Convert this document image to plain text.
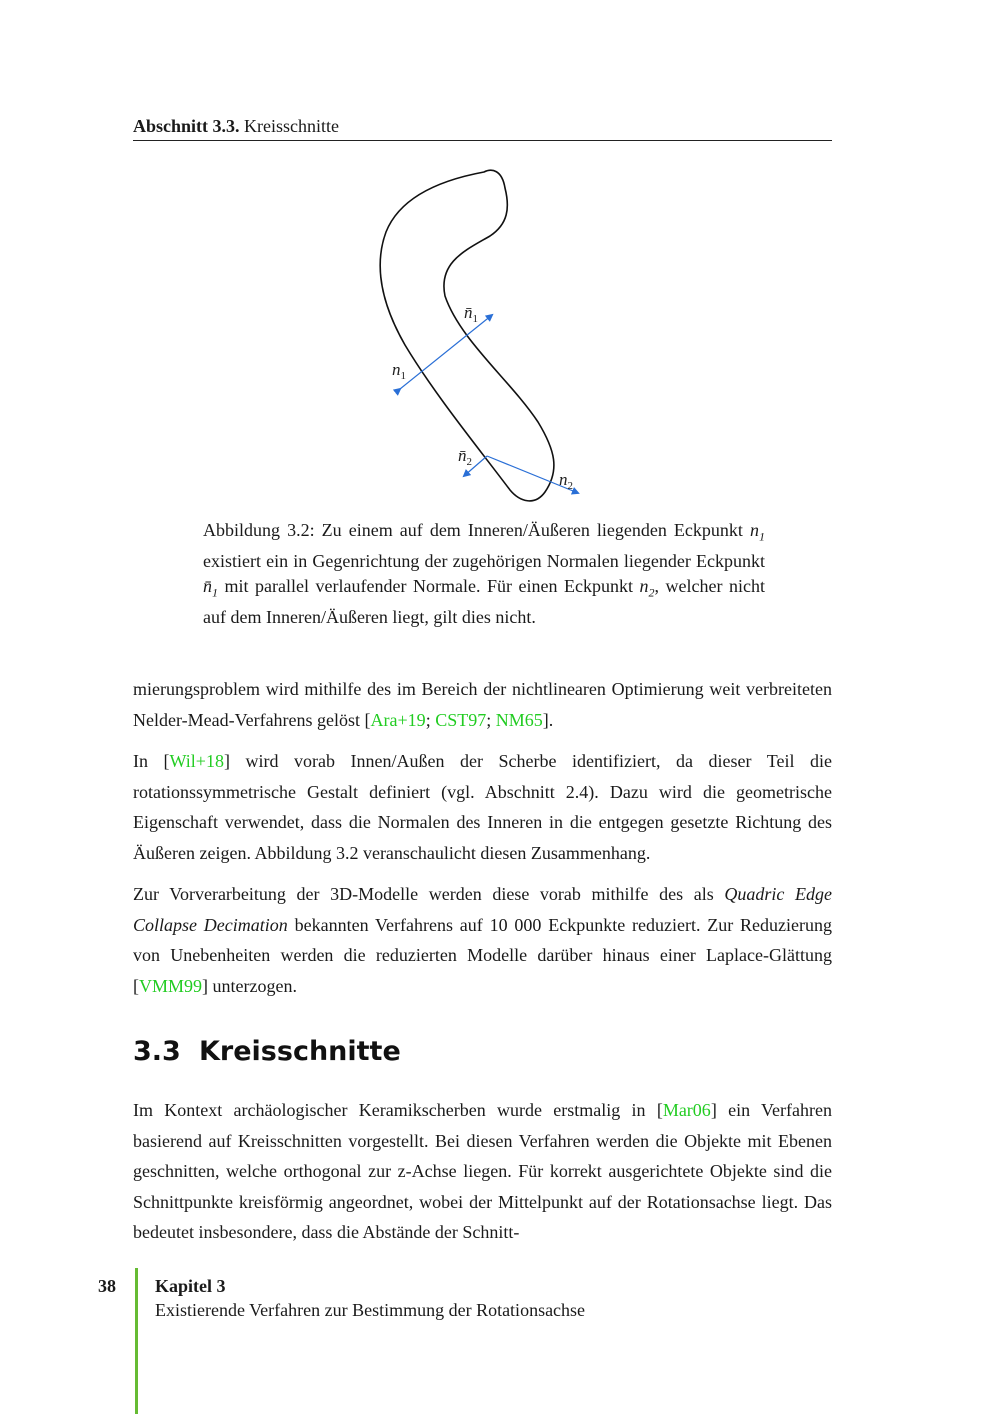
Abschnitt 3.3. Kreisschnitte
$n̄_1$
$n_1$
$n̄_2$
$n_2$
Abbildung 3.2: Zu einem auf dem Inneren/Äußeren liegenden Eckpunkt $n_1$ existiert ein in Gegenrichtung der zugehörigen Normalen liegender Eckpunkt $n̄_1$ mit parallel verlaufender Normale. Für einen Eckpunkt $n_2$, welcher nicht auf dem Inneren/Äußeren liegt, gilt dies nicht.

mierungsproblem wird mithilfe des im Bereich der nichtlinearen Optimierung weit verbreiteten Nelder-Mead-Verfahrens gelöst [Ara+19; CST97; NM65].

In [Wil+18] wird vorab Innen/Außen der Scherbe identifiziert, da dieser Teil die rotationssymmetrische Gestalt definiert (vgl. Abschnitt 2.4). Dazu wird die geometrische Eigenschaft verwendet, dass die Normalen des Inneren in die entgegen gesetzte Richtung des Äußeren zeigen. Abbildung 3.2 veranschaulicht diesen Zusammenhang.

Zur Vorverarbeitung der 3D-Modelle werden diese vorab mithilfe des als Quadric Edge Collapse Decimation bekannten Verfahrens auf 10 000 Eckpunkte reduziert. Zur Reduzierung von Unebenheiten werden die reduzierten Modelle darüber hinaus einer Laplace-Glättung [VMM99] unterzogen.

3.3 Kreisschnitte

Im Kontext archäologischer Keramikscherben wurde erstmalig in [Mar06] ein Verfahren basierend auf Kreisschnitten vorgestellt. Bei diesen Verfahren werden die Objekte mit Ebenen geschnitten, welche orthogonal zur z-Achse liegen. Für korrekt ausgerichtete Objekte sind die Schnittpunkte kreisförmig angeordnet, wobei der Mittelpunkt auf der Rotationsachse liegt. Das bedeutet insbesondere, dass die Abstände der Schnitt-

38 Kapitel 3
Existierende Verfahren zur Bestimmung der Rotationsachse
